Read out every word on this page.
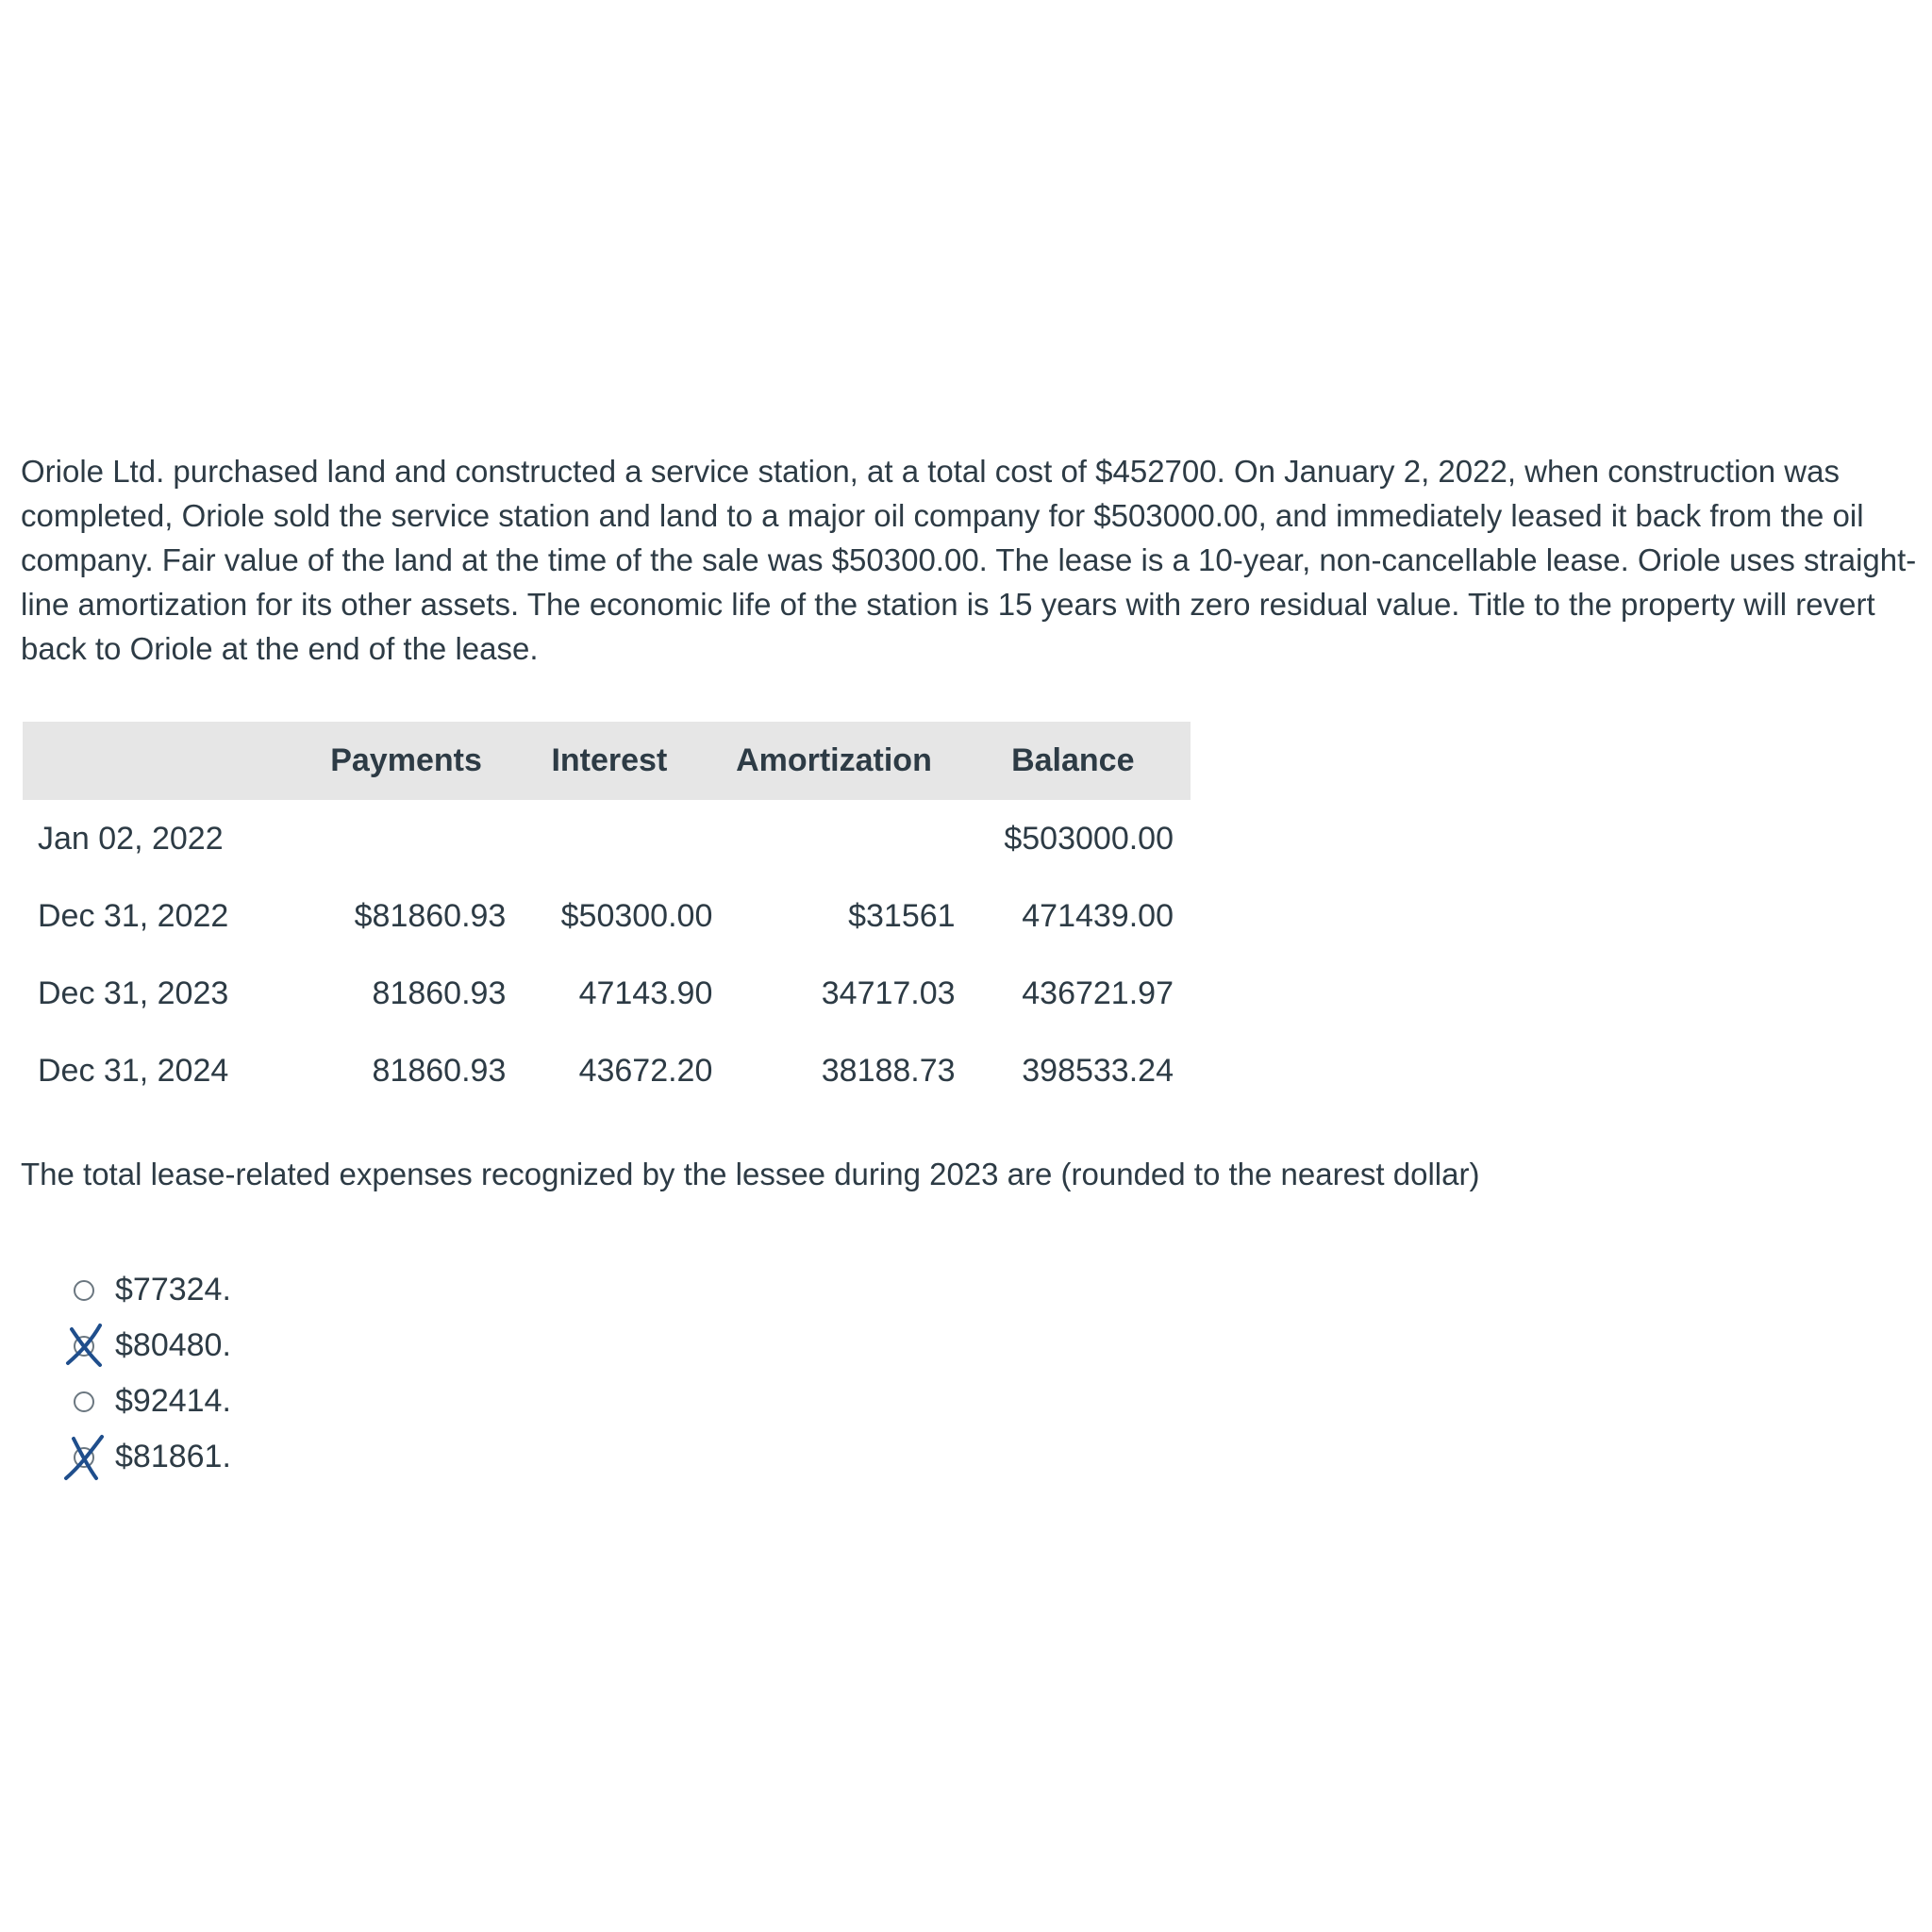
Oriole Ltd. purchased land and constructed a service station, at a total cost of $452700. On January 2, 2022, when construction was completed, Oriole sold the service station and land to a major oil company for $503000.00, and immediately leased it back from the oil company. Fair value of the land at the time of the sale was $50300.00. The lease is a 10-year, non-cancellable lease. Oriole uses straight-line amortization for its other assets. The economic life of the station is 15 years with zero residual value. Title to the property will revert back to Oriole at the end of the lease.
	Payments	Interest	Amortization	Balance
Jan 02, 2022				$503000.00
Dec 31, 2022	$81860.93	$50300.00	$31561	471439.00
Dec 31, 2023	81860.93	47143.90	34717.03	436721.97
Dec 31, 2024	81860.93	43672.20	38188.73	398533.24
The total lease-related expenses recognized by the lessee during 2023 are (rounded to the nearest dollar)
$77324.
$80480.
$92414.
$81861.
